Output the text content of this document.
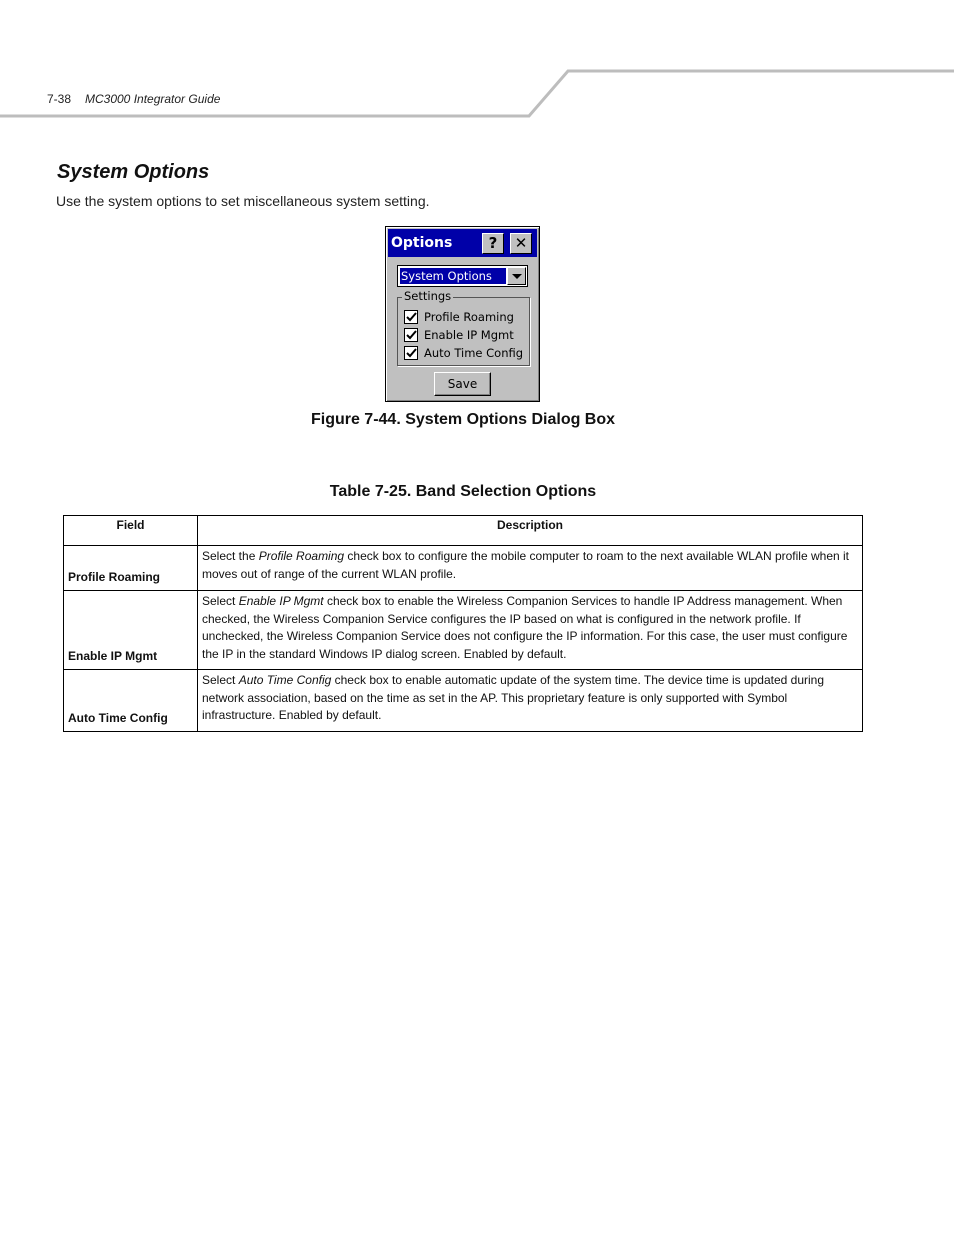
7-38 MC3000 Integrator Guide
System Options

Use the system options to set miscellaneous system setting.

Options	?	✕
System Options
Settings
Profile Roaming
Enable IP Mgmt
Auto Time Config
Save
Figure 7-44. System Options Dialog Box
Table 7-25. Band Selection Options
Field	Description
Profile Roaming	Select the Profile Roaming check box to configure the mobile computer to roam to the next available WLAN profile when it moves out of range of the current WLAN profile.
Enable IP Mgmt	Select Enable IP Mgmt check box to enable the Wireless Companion Services to handle IP Address management. When checked, the Wireless Companion Service configures the IP based on what is configured in the network profile. If unchecked, the Wireless Companion Service does not configure the IP information. For this case, the user must configure the IP in the standard Windows IP dialog screen. Enabled by default.
Auto Time Config	Select Auto Time Config check box to enable automatic update of the system time. The device time is updated during network association, based on the time as set in the AP. This proprietary feature is only supported with Symbol infrastructure. Enabled by default.
